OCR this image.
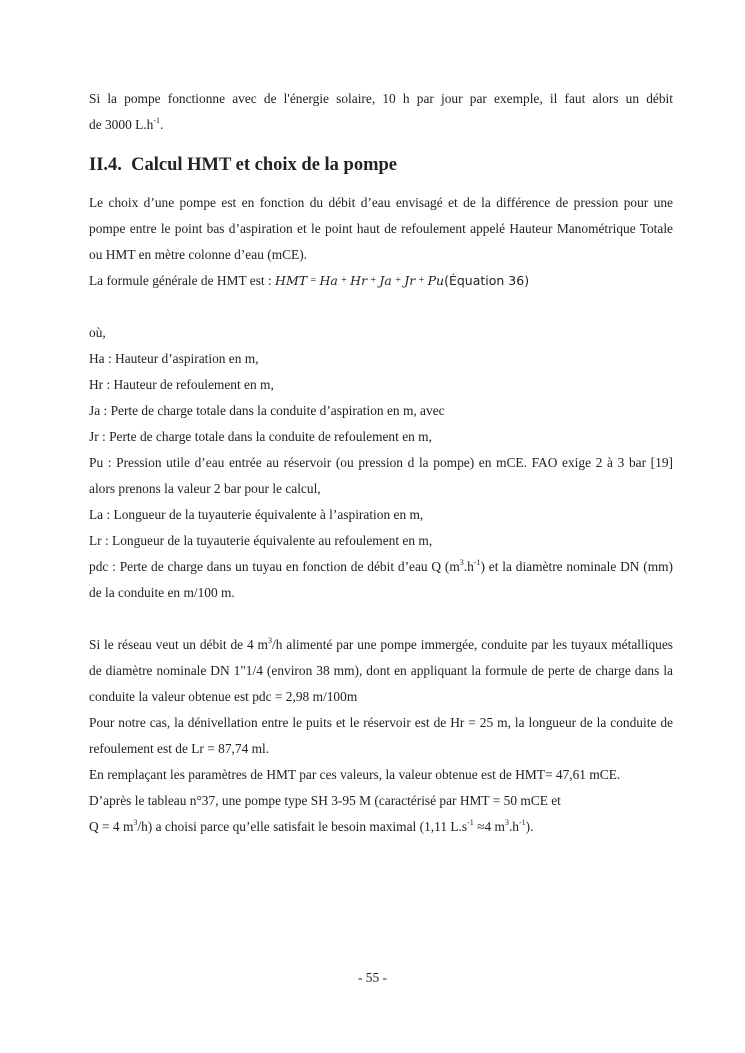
Si la pompe fonctionne avec de l'énergie solaire, 10 h par jour par exemple, il faut alors un débit

de 3000 $L.h^{-1}$.

II.4. Calcul HMT et choix de la pompe

Le choix d’une pompe est en fonction du débit d’eau envisagé et de la différence de pression pour une pompe entre le point bas d’aspiration et le point haut de refoulement appelé Hauteur Manométrique Totale ou HMT en mètre colonne d’eau (mCE).

La formule générale de HMT est : HMT = Ha + Hr + Ja + Jr + Pu(Équation 36)

où,

Ha : Hauteur d’aspiration en m,

Hr : Hauteur de refoulement en m,

Ja : Perte de charge totale dans la conduite d’aspiration en m, avec

Jr : Perte de charge totale dans la conduite de refoulement en m,

Pu : Pression utile d’eau entrée au réservoir (ou pression d la pompe) en mCE. FAO exige 2 à 3 bar [19] alors prenons la valeur 2 bar pour le calcul,

La : Longueur de la tuyauterie équivalente à l’aspiration en m,

Lr : Longueur de la tuyauterie équivalente au refoulement en m,

pdc : Perte de charge dans un tuyau en fonction de débit d’eau Q $(m^3.h^{-1})$ et la diamètre nominale DN (mm) de la conduite en m/100 m.

Si le réseau veut un débit de 4 $m^3/h$ alimenté par une pompe immergée, conduite par les tuyaux métalliques de diamètre nominale DN 1"1/4 (environ 38 mm), dont en appliquant la formule de perte de charge dans la conduite la valeur obtenue est pdc = 2,98 m/100m

Pour notre cas, la dénivellation entre le puits et le réservoir est de Hr = 25 m, la longueur de la conduite de refoulement est de Lr = 87,74 ml.

En remplaçant les paramètres de HMT par ces valeurs, la valeur obtenue est de HMT= 47,61 mCE.

D’après le tableau n°37, une pompe type SH 3-95 M (caractérisé par HMT = 50 mCE et

Q = 4 $m^3/h$) a choisi parce qu’elle satisfait le besoin maximal (1,11 $L.s^{-1} \approx 4$ $m^3.h^{-1}$).

- 55 -
